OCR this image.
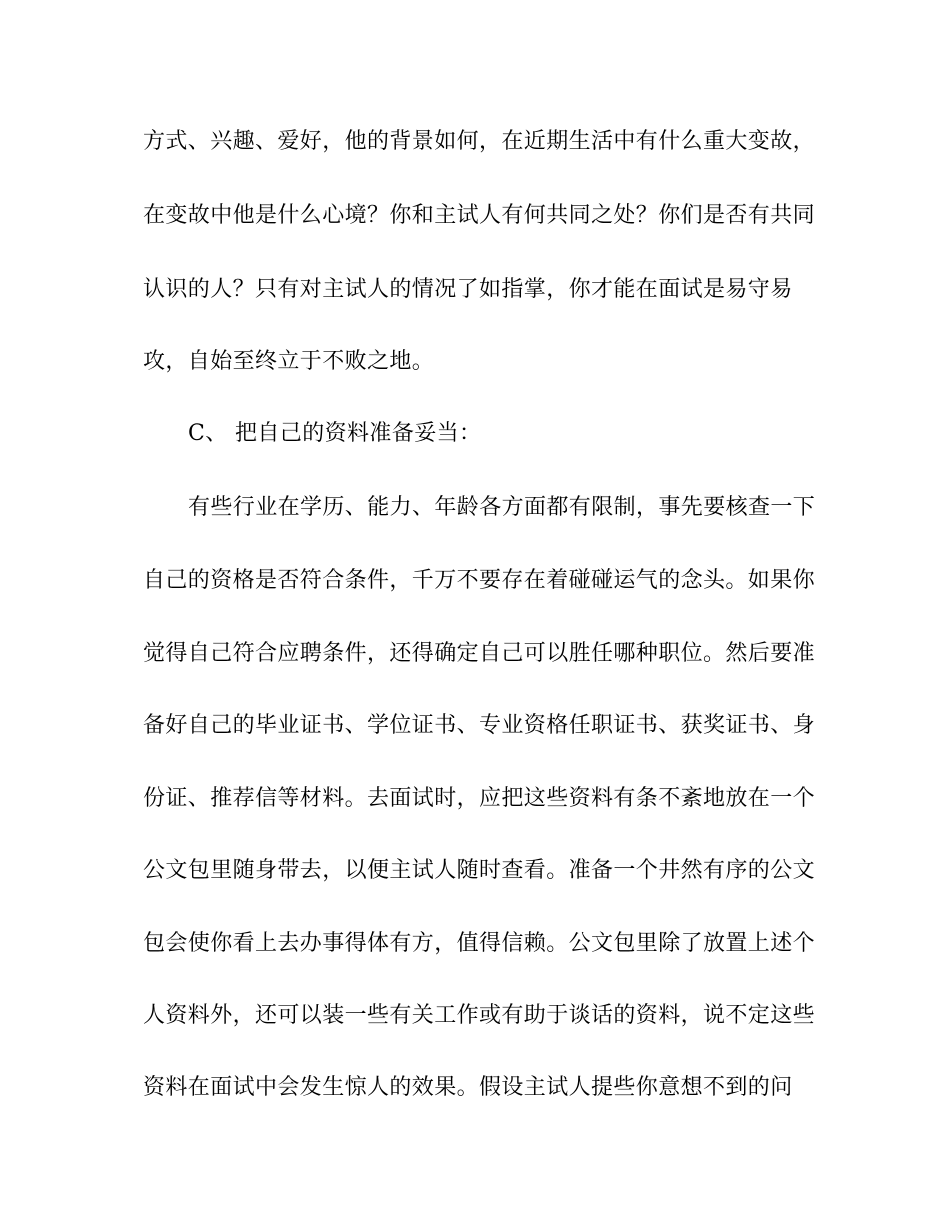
方式、兴趣、爱好，他的背景如何，在近期生活中有什么重大变故，
在变故中他是什么心境？你和主试人有何共同之处？你们是否有共同
认识的人？只有对主试人的情况了如指掌，你才能在面试是易守易
攻，自始至终立于不败之地。
C、 把自己的资料准备妥当：
有些行业在学历、能力、年龄各方面都有限制，事先要核查一下
自己的资格是否符合条件，千万不要存在着碰碰运气的念头。如果你
觉得自己符合应聘条件，还得确定自己可以胜任哪种职位。然后要准
备好自己的毕业证书、学位证书、专业资格任职证书、获奖证书、身
份证、推荐信等材料。去面试时，应把这些资料有条不紊地放在一个
公文包里随身带去，以便主试人随时查看。准备一个井然有序的公文
包会使你看上去办事得体有方，值得信赖。公文包里除了放置上述个
人资料外，还可以装一些有关工作或有助于谈话的资料，说不定这些
资料在面试中会发生惊人的效果。假设主试人提些你意想不到的问
